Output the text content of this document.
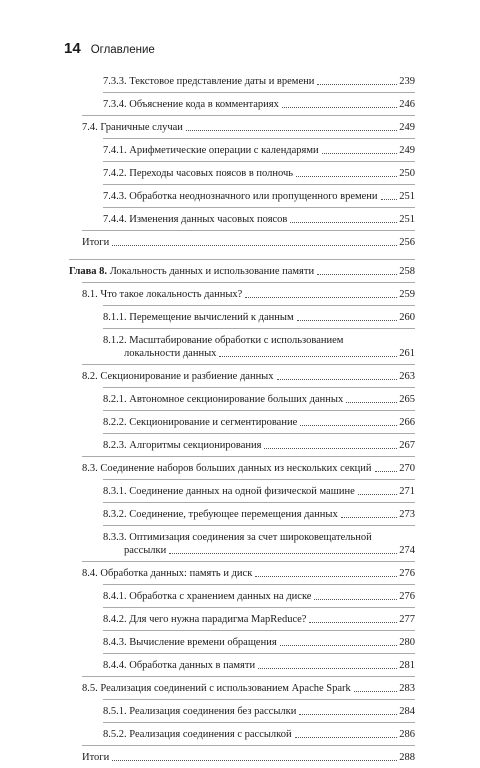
14 Оглавление
7.3.3. Текстовое представление даты и времени	239
7.3.4. Объяснение кода в комментариях	246
7.4. Граничные случаи	249
7.4.1. Арифметические операции с календарями	249
7.4.2. Переходы часовых поясов в полночь	250
7.4.3. Обработка неоднозначного или пропущенного времени 251
7.4.4. Изменения данных часовых поясов	251
Итоги	256
Глава 8. Локальность данных и использование памяти	258
8.1. Что такое локальность данных?	259
8.1.1. Перемещение вычислений к данным	260
8.1.2. Масштабирование обработки с использованием
локальности данных	261
8.2. Секционирование и разбиение данных	263
8.2.1. Автономное секционирование больших данных	265
8.2.2. Секционирование и сегментирование	266
8.2.3. Алгоритмы секционирования	267
8.3. Соединение наборов больших данных из нескольких секций	270
8.3.1. Соединение данных на одной физической машине	271
8.3.2. Соединение, требующее перемещения данных	273
8.3.3. Оптимизация соединения за счет широковещательной
рассылки	274
8.4. Обработка данных: память и диск	276
8.4.1. Обработка с хранением данных на диске	276
8.4.2. Для чего нужна парадигма MapReduce?	277
8.4.3. Вычисление времени обращения	280
8.4.4. Обработка данных в памяти	281
8.5. Реализация соединений с использованием Apache Spark	283
8.5.1. Реализация соединения без рассылки	284
8.5.2. Реализация соединения с рассылкой	286
Итоги	288
